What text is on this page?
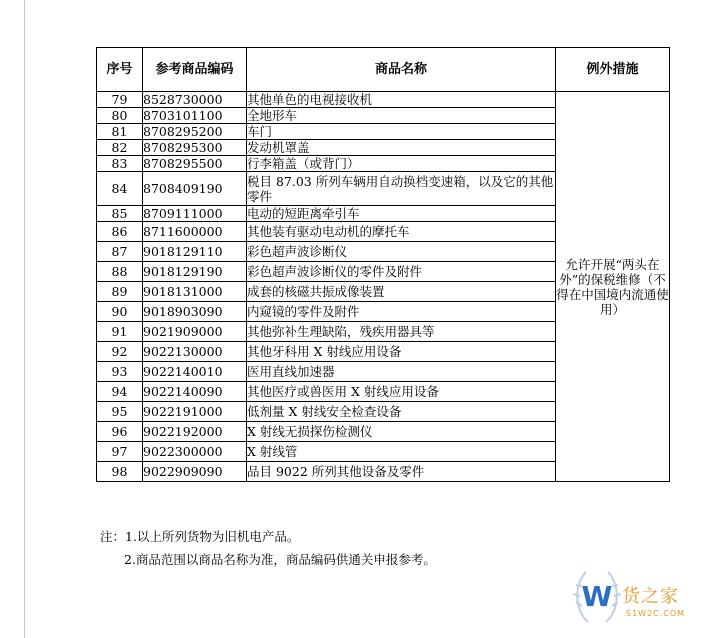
序号	参考商品编码	商品名称	例外措施
79	8528730000	其他单色的电视接收机	允许开展“两头在外”的保税维修（不得在中国境内流通使用）
80	8703101100	全地形车	
81	8708295200	车门	
82	8708295300	发动机罩盖	
83	8708295500	行李箱盖（或背门）	
84	8708409190	税目 87.03 所列车辆用自动换档变速箱，以及它的其他零件	
85	8709111000	电动的短距离牵引车	
86	8711600000	其他装有驱动电动机的摩托车	
87	9018129110	彩色超声波诊断仪	
88	9018129190	彩色超声波诊断仪的零件及附件	
89	9018131000	成套的核磁共振成像装置	
90	9018903090	内窥镜的零件及附件	
91	9021909000	其他弥补生理缺陷，残疾用器具等	
92	9022130000	其他牙科用 X 射线应用设备	
93	9022140010	医用直线加速器	
94	9022140090	其他医疗或兽医用 X 射线应用设备	
95	9022191000	低剂量 X 射线安全检查设备	
96	9022192000	X 射线无损探伤检测仪	
97	9022300000	X 射线管	
98	9022909090	品目 9022 所列其他设备及零件	
注：1.以上所列货物为旧机电产品。
2.商品范围以商品名称为准，商品编码供通关申报参考。
W 货之家
S1W2C.COM
